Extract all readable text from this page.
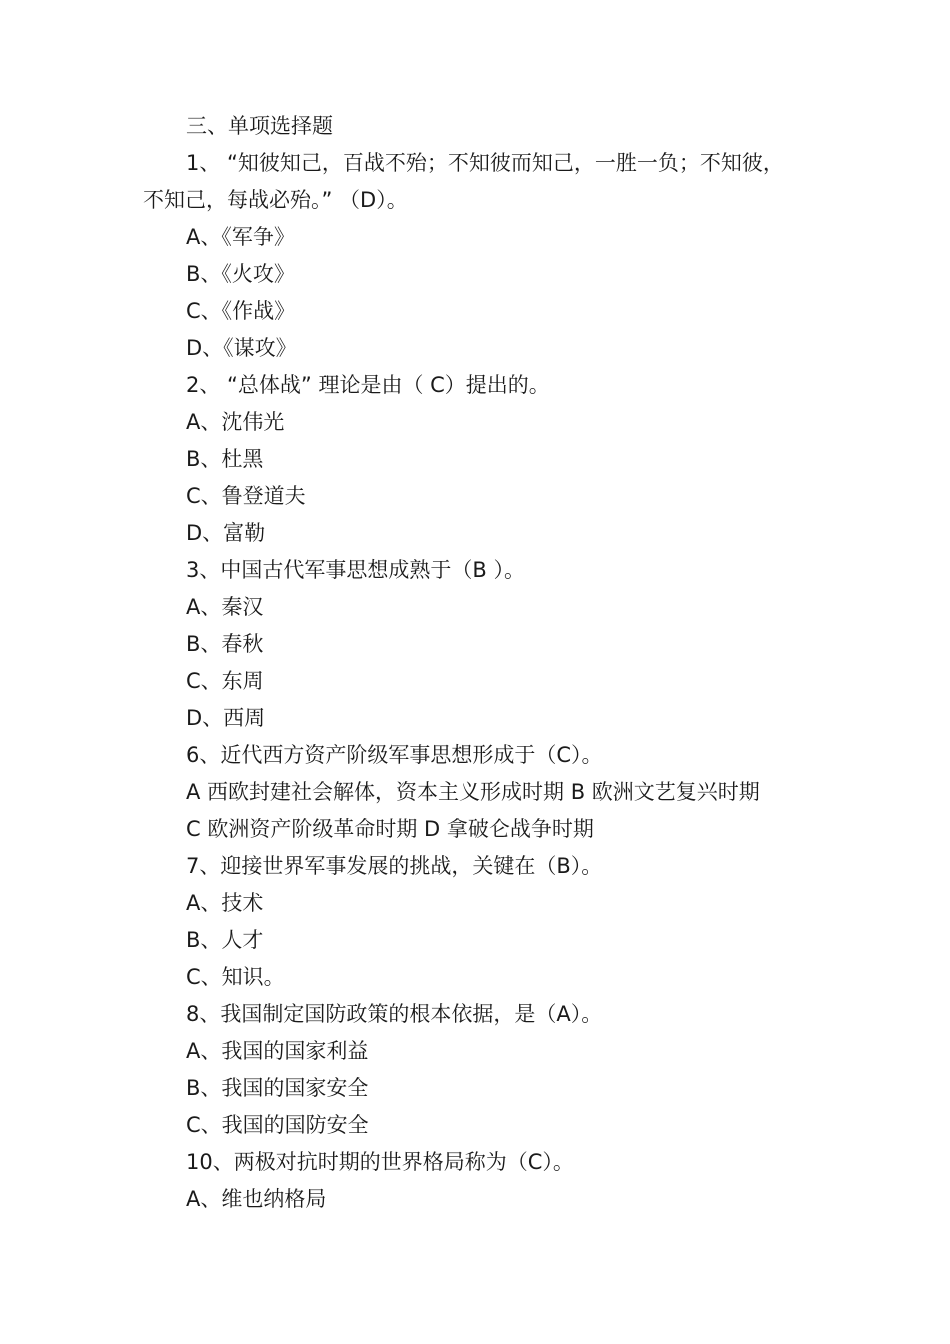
三、单项选择题
1、 “知彼知己，百战不殆；不知彼而知己，一胜一负；不知彼，
不知己，每战必殆。” （D）。
A、《军争》
B、《火攻》
C、《作战》
D、《谋攻》
2、 “总体战” 理论是由（ C）提出的。
A、沈伟光
B、杜黑
C、鲁登道夫
D、富勒
3、中国古代军事思想成熟于（B ）。
A、秦汉
B、春秋
C、东周
D、西周
6、近代西方资产阶级军事思想形成于（C）。
A 西欧封建社会解体，资本主义形成时期 B 欧洲文艺复兴时期
C 欧洲资产阶级革命时期 D 拿破仑战争时期
7、迎接世界军事发展的挑战，关键在（B）。
A、技术
B、人才
C、知识。
8、我国制定国防政策的根本依据，是（A）。
A、我国的国家利益
B、我国的国家安全
C、我国的国防安全
10、两极对抗时期的世界格局称为（C）。
A、维也纳格局
